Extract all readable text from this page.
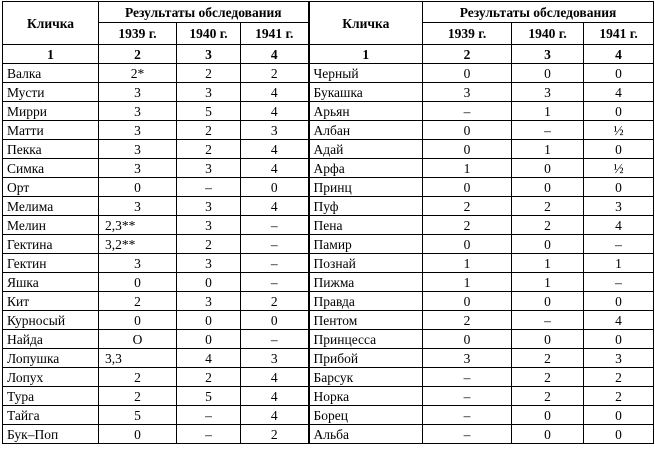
Кличка	Результаты обследования			Кличка	Результаты обследования		
	1939 г.	1940 г.	1941 г.		1939 г.	1940 г.	1941 г.
1	2	3	4	1	2	3	4
Валка	2*	2	2	Черный	0	0	0
Мусти	3	3	4	Букашка	3	3	4
Мирри	3	5	4	Арьян	–	1	0
Матти	3	2	3	Албан	0	–	½
Пекка	3	2	4	Адай	0	1	0
Симка	3	3	4	Арфа	1	0	½
Орт	0	–	0	Принц	0	0	0
Мелима	3	3	4	Пуф	2	2	3
Мелин	2,3**	3	–	Пена	2	2	4
Гектина	3,2**	2	–	Памир	0	0	–
Гектин	3	3	–	Познай	1	1	1
Яшка	0	0	–	Пижма	1	1	–
Кит	2	3	2	Правда	0	0	0
Курносый	0	0	0	Пентом	2	–	4
Найда	О	0	–	Принцесса	0	0	0
Лопушка	3,3	4	3	Прибой	3	2	3
Лопух	2	2	4	Барсук	–	2	2
Тура	2	5	4	Норка	–	2	2
Тайга	5	–	4	Борец	–	0	0
Бук–Поп	0	–	2	Альба	–	0	0
